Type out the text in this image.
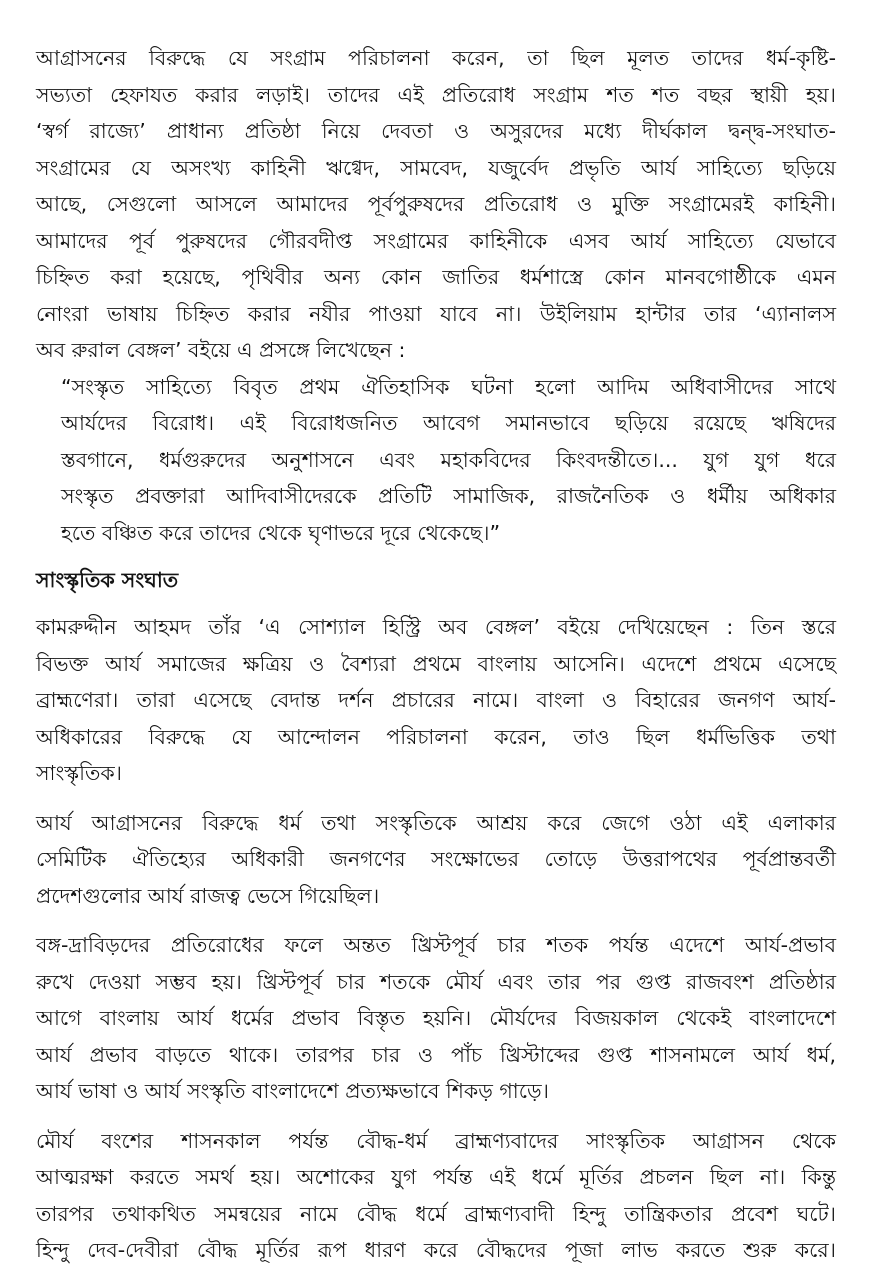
আগ্রাসনের বিরুদ্ধে যে সংগ্রাম পরিচালনা করেন, তা ছিল মূলত তাদের ধর্ম-কৃষ্টি-
সভ্যতা হেফাযত করার লড়াই। তাদের এই প্রতিরোধ সংগ্রাম শত শত বছর স্থায়ী হয়।
‘স্বর্গ রাজ্যে’ প্রাধান্য প্রতিষ্ঠা নিয়ে দেবতা ও অসুরদের মধ্যে দীর্ঘকাল দ্বন্দ্ব-সংঘাত-
সংগ্রামের যে অসংখ্য কাহিনী ঋগ্বেদ, সামবেদ, যজুর্বেদ প্রভৃতি আর্য সাহিত্যে ছড়িয়ে
আছে, সেগুলো আসলে আমাদের পূর্বপুরুষদের প্রতিরোধ ও মুক্তি সংগ্রামেরই কাহিনী।
আমাদের পূর্ব পুরুষদের গৌরবদীপ্ত সংগ্রামের কাহিনীকে এসব আর্য সাহিত্যে যেভাবে
চিহ্নিত করা হয়েছে, পৃথিবীর অন্য কোন জাতির ধর্মশাস্ত্রে কোন মানবগোষ্ঠীকে এমন
নোংরা ভাষায় চিহ্নিত করার নযীর পাওয়া যাবে না। উইলিয়াম হান্টার তার ‘এ্যানালস
অব রুরাল বেঙ্গল’ বইয়ে এ প্রসঙ্গে লিখেছেন :
“সংস্কৃত সাহিত্যে বিবৃত প্রথম ঐতিহাসিক ঘটনা হলো আদিম অধিবাসীদের সাথে
আর্যদের বিরোধ। এই বিরোধজনিত আবেগ সমানভাবে ছড়িয়ে রয়েছে ঋষিদের
স্তবগানে, ধর্মগুরুদের অনুশাসনে এবং মহাকবিদের কিংবদন্তীতে।... যুগ যুগ ধরে
সংস্কৃত প্রবক্তারা আদিবাসীদেরকে প্রতিটি সামাজিক, রাজনৈতিক ও ধর্মীয় অধিকার
হতে বঞ্চিত করে তাদের থেকে ঘৃণাভরে দূরে থেকেছে।”
সাংস্কৃতিক সংঘাত
কামরুদ্দীন আহমদ তাঁর ‘এ সোশ্যাল হিস্ট্রি অব বেঙ্গল’ বইয়ে দেখিয়েছেন : তিন স্তরে
বিভক্ত আর্য সমাজের ক্ষত্রিয় ও বৈশ্যরা প্রথমে বাংলায় আসেনি। এদেশে প্রথমে এসেছে
ব্রাহ্মণেরা। তারা এসেছে বেদান্ত দর্শন প্রচারের নামে। বাংলা ও বিহারের জনগণ আর্য-
অধিকারের বিরুদ্ধে যে আন্দোলন পরিচালনা করেন, তাও ছিল ধর্মভিত্তিক তথা
সাংস্কৃতিক।
আর্য আগ্রাসনের বিরুদ্ধে ধর্ম তথা সংস্কৃতিকে আশ্রয় করে জেগে ওঠা এই এলাকার
সেমিটিক ঐতিহ্যের অধিকারী জনগণের সংক্ষোভের তোড়ে উত্তরাপথের পূর্বপ্রান্তবর্তী
প্রদেশগুলোর আর্য রাজত্ব ভেসে গিয়েছিল।
বঙ্গ-দ্রাবিড়দের প্রতিরোধের ফলে অন্তত খ্রিস্টপূর্ব চার শতক পর্যন্ত এদেশে আর্য-প্রভাব
রুখে দেওয়া সম্ভব হয়। খ্রিস্টপূর্ব চার শতকে মৌর্য এবং তার পর গুপ্ত রাজবংশ প্রতিষ্ঠার
আগে বাংলায় আর্য ধর্মের প্রভাব বিস্তৃত হয়নি। মৌর্যদের বিজয়কাল থেকেই বাংলাদেশে
আর্য প্রভাব বাড়তে থাকে। তারপর চার ও পাঁচ খ্রিস্টাব্দের গুপ্ত শাসনামলে আর্য ধর্ম,
আর্য ভাষা ও আর্য সংস্কৃতি বাংলাদেশে প্রত্যক্ষভাবে শিকড় গাড়ে।
মৌর্য বংশের শাসনকাল পর্যন্ত বৌদ্ধ-ধর্ম ব্রাহ্মণ্যবাদের সাংস্কৃতিক আগ্রাসন থেকে
আত্মরক্ষা করতে সমর্থ হয়। অশোকের যুগ পর্যন্ত এই ধর্মে মূর্তির প্রচলন ছিল না। কিন্তু
তারপর তথাকথিত সমন্বয়ের নামে বৌদ্ধ ধর্মে ব্রাহ্মণ্যবাদী হিন্দু তান্ত্রিকতার প্রবেশ ঘটে।
হিন্দু দেব-দেবীরা বৌদ্ধ মূর্তির রূপ ধারণ করে বৌদ্ধদের পূজা লাভ করতে শুরু করে।
